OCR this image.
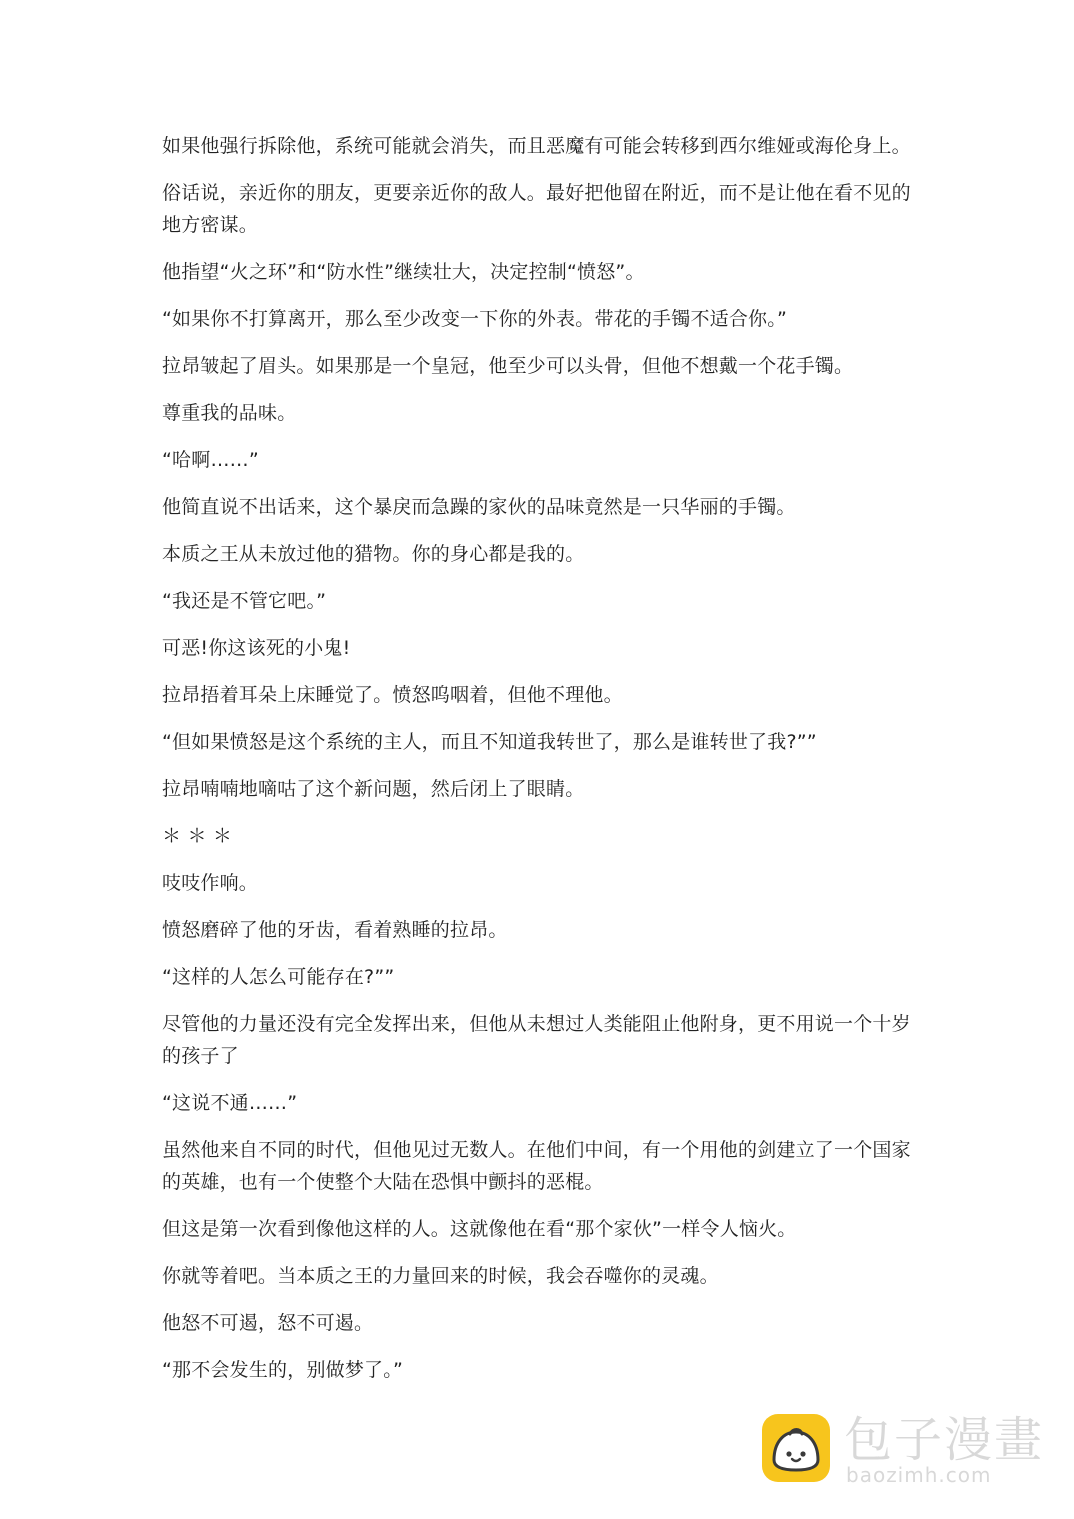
如果他强行拆除他，系统可能就会消失，而且恶魔有可能会转移到西尔维娅或海伦身上。

俗话说，亲近你的朋友，更要亲近你的敌人。最好把他留在附近，而不是让他在看不见的地方密谋。

他指望“火之环”和“防水性”继续壮大，决定控制“愤怒”。

“如果你不打算离开，那么至少改变一下你的外表。带花的手镯不适合你。”

拉昂皱起了眉头。如果那是一个皇冠，他至少可以头骨，但他不想戴一个花手镯。

尊重我的品味。

“哈啊……”

他简直说不出话来，这个暴戾而急躁的家伙的品味竟然是一只华丽的手镯。

本质之王从未放过他的猎物。你的身心都是我的。

“我还是不管它吧。”

可恶!你这该死的小鬼!

拉昂捂着耳朵上床睡觉了。愤怒呜咽着，但他不理他。

“但如果愤怒是这个系统的主人，而且不知道我转世了，那么是谁转世了我?””

拉昂喃喃地嘀咕了这个新问题，然后闭上了眼睛。

＊ ＊ ＊

吱吱作响。

愤怒磨碎了他的牙齿，看着熟睡的拉昂。

“这样的人怎么可能存在?””

尽管他的力量还没有完全发挥出来，但他从未想过人类能阻止他附身，更不用说一个十岁的孩子了

“这说不通……”

虽然他来自不同的时代，但他见过无数人。在他们中间，有一个用他的剑建立了一个国家的英雄，也有一个使整个大陆在恐惧中颤抖的恶棍。

但这是第一次看到像他这样的人。这就像他在看“那个家伙”一样令人恼火。

你就等着吧。当本质之王的力量回来的时候，我会吞噬你的灵魂。

他怒不可遏，怒不可遏。

“那不会发生的，别做梦了。”

包子漫畫
baozimh.com
